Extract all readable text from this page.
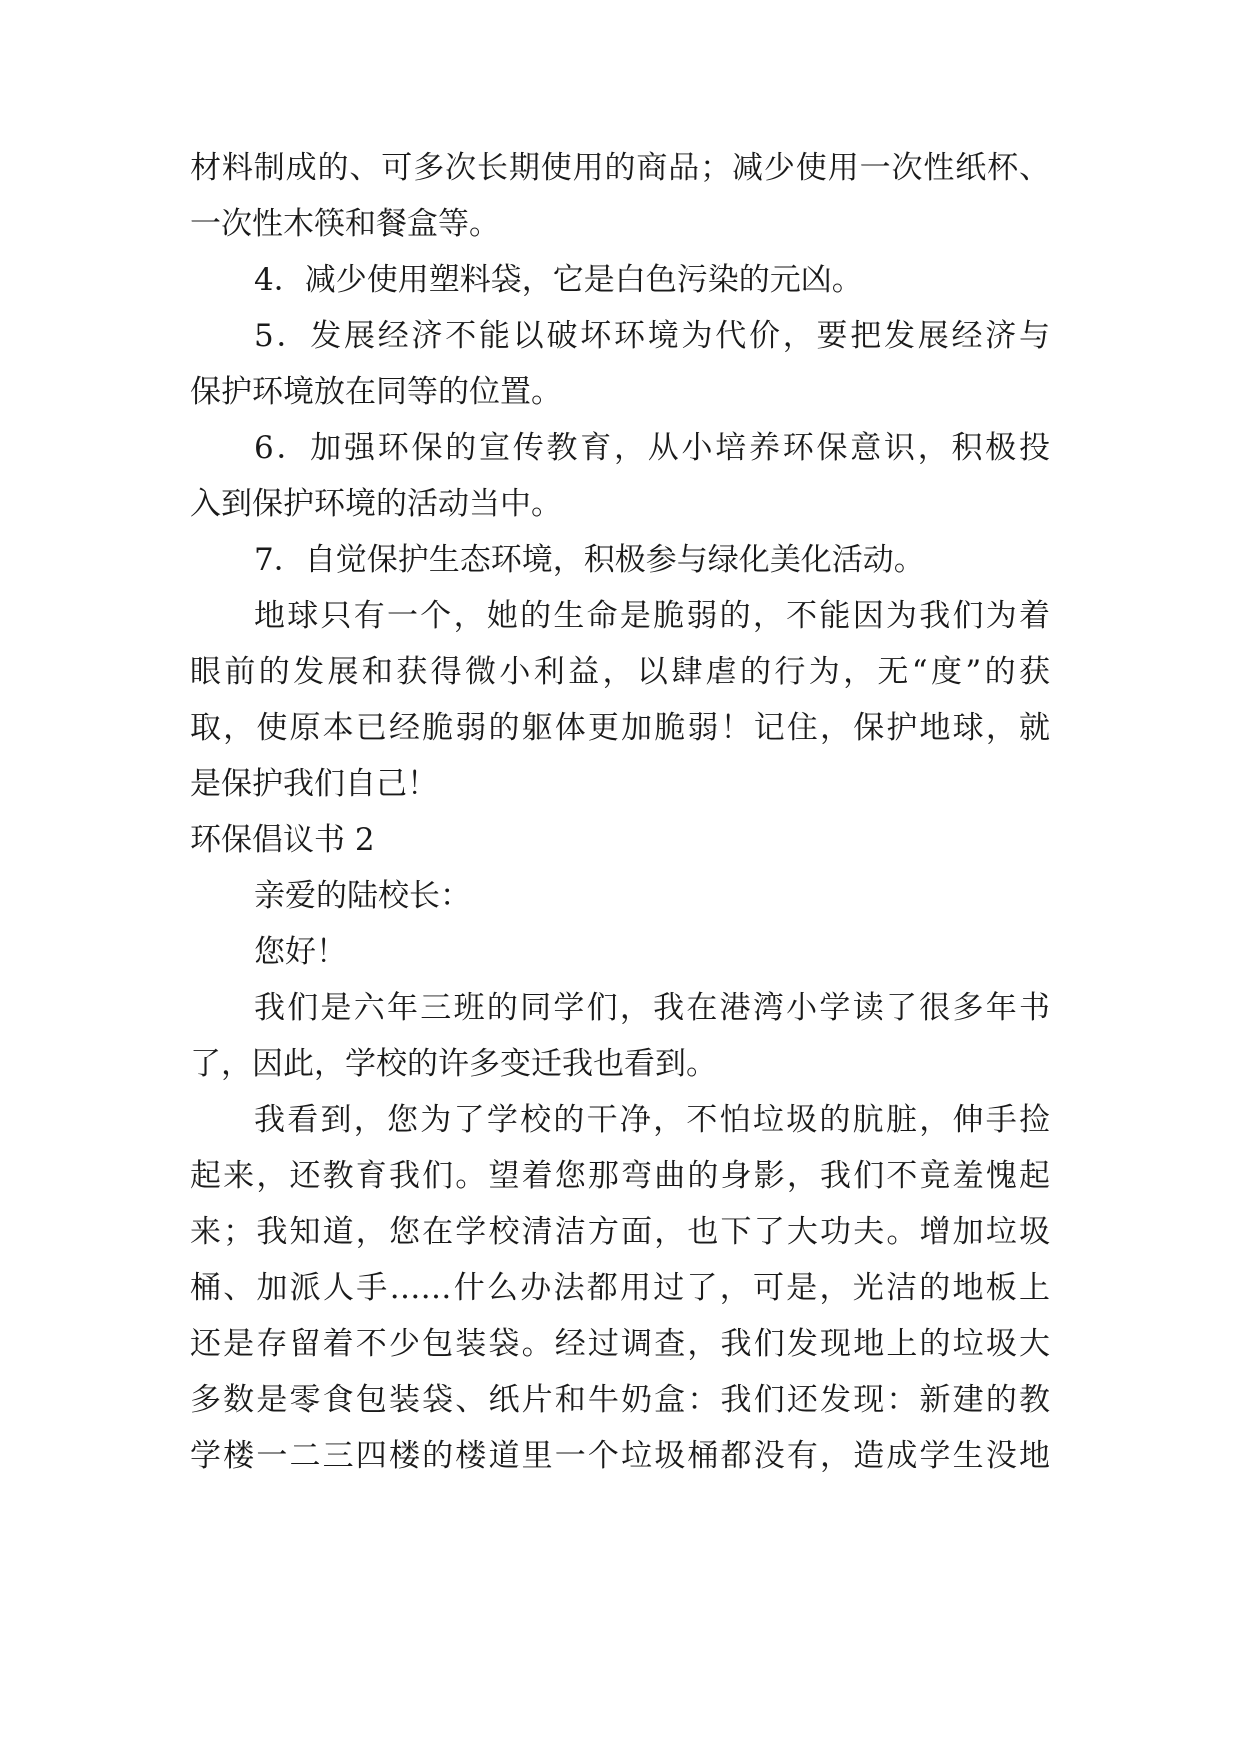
材料制成的、可多次长期使用的商品；减少使用一次性纸杯、
一次性木筷和餐盒等。
4．减少使用塑料袋，它是白色污染的元凶。
5．发展经济不能以破坏环境为代价，要把发展经济与
保护环境放在同等的位置。
6．加强环保的宣传教育，从小培养环保意识，积极投
入到保护环境的活动当中。
7．自觉保护生态环境，积极参与绿化美化活动。
地球只有一个，她的生命是脆弱的，不能因为我们为着
眼前的发展和获得微小利益，以肆虐的行为，无“度”的获
取，使原本已经脆弱的躯体更加脆弱！记住，保护地球，就
是保护我们自己！
环保倡议书 2
亲爱的陆校长：
您好！
我们是六年三班的同学们，我在港湾小学读了很多年书
了，因此，学校的许多变迁我也看到。
我看到，您为了学校的干净，不怕垃圾的肮脏，伸手捡
起来，还教育我们。望着您那弯曲的身影，我们不竟羞愧起
来；我知道，您在学校清洁方面，也下了大功夫。增加垃圾
桶、加派人手……什么办法都用过了，可是，光洁的地板上
还是存留着不少包装袋。经过调查，我们发现地上的垃圾大
多数是零食包装袋、纸片和牛奶盒：我们还发现：新建的教
学楼一二三四楼的楼道里一个垃圾桶都没有，造成学生没地
